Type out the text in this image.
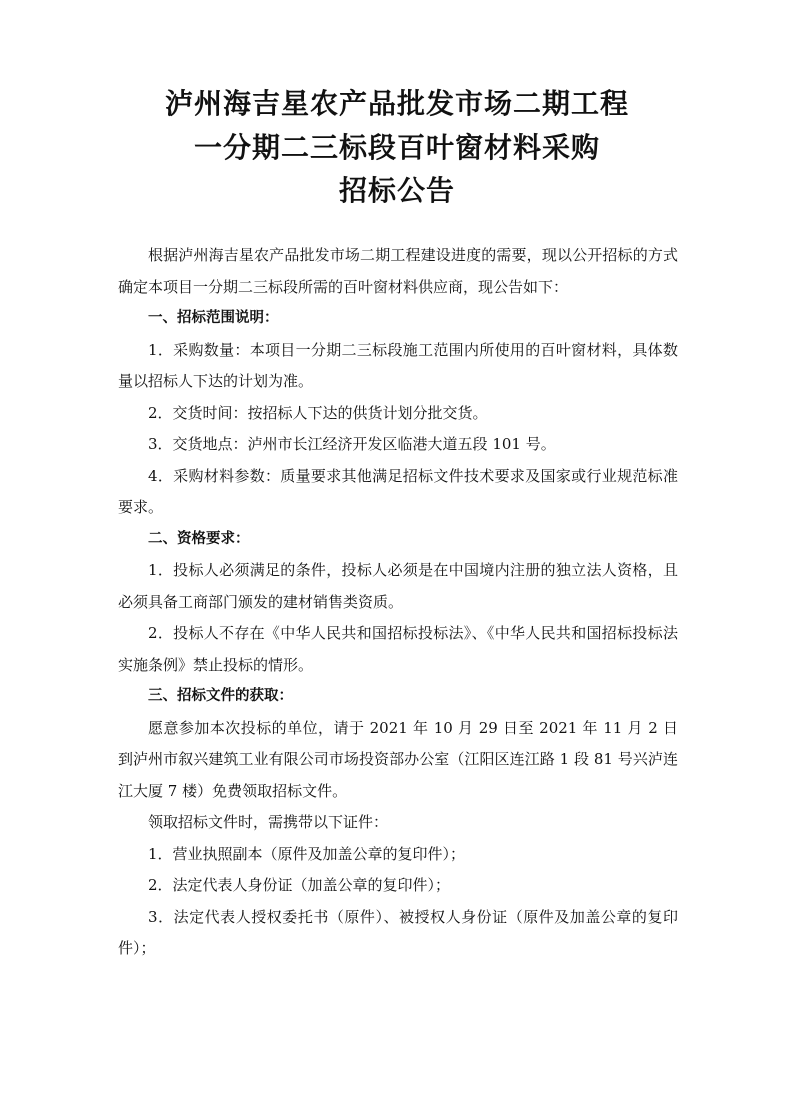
泸州海吉星农产品批发市场二期工程
一分期二三标段百叶窗材料采购
招标公告

根据泸州海吉星农产品批发市场二期工程建设进度的需要，现以公开招标的方式确定本项目一分期二三标段所需的百叶窗材料供应商，现公告如下：

一、招标范围说明：

1．采购数量：本项目一分期二三标段施工范围内所使用的百叶窗材料，具体数量以招标人下达的计划为准。

2．交货时间：按招标人下达的供货计划分批交货。

3．交货地点：泸州市长江经济开发区临港大道五段 101 号。

4．采购材料参数：质量要求其他满足招标文件技术要求及国家或行业规范标准要求。

二、资格要求：

1．投标人必须满足的条件，投标人必须是在中国境内注册的独立法人资格，且必须具备工商部门颁发的建材销售类资质。

2．投标人不存在《中华人民共和国招标投标法》、《中华人民共和国招标投标法实施条例》禁止投标的情形。

三、招标文件的获取：

愿意参加本次投标的单位，请于 2021 年 10 月 29 日至 2021 年 11 月 2 日到泸州市叙兴建筑工业有限公司市场投资部办公室（江阳区连江路 1 段 81 号兴泸连江大厦 7 楼）免费领取招标文件。

领取招标文件时，需携带以下证件：

1．营业执照副本（原件及加盖公章的复印件）；

2．法定代表人身份证（加盖公章的复印件）；

3．法定代表人授权委托书（原件）、被授权人身份证（原件及加盖公章的复印件）；
